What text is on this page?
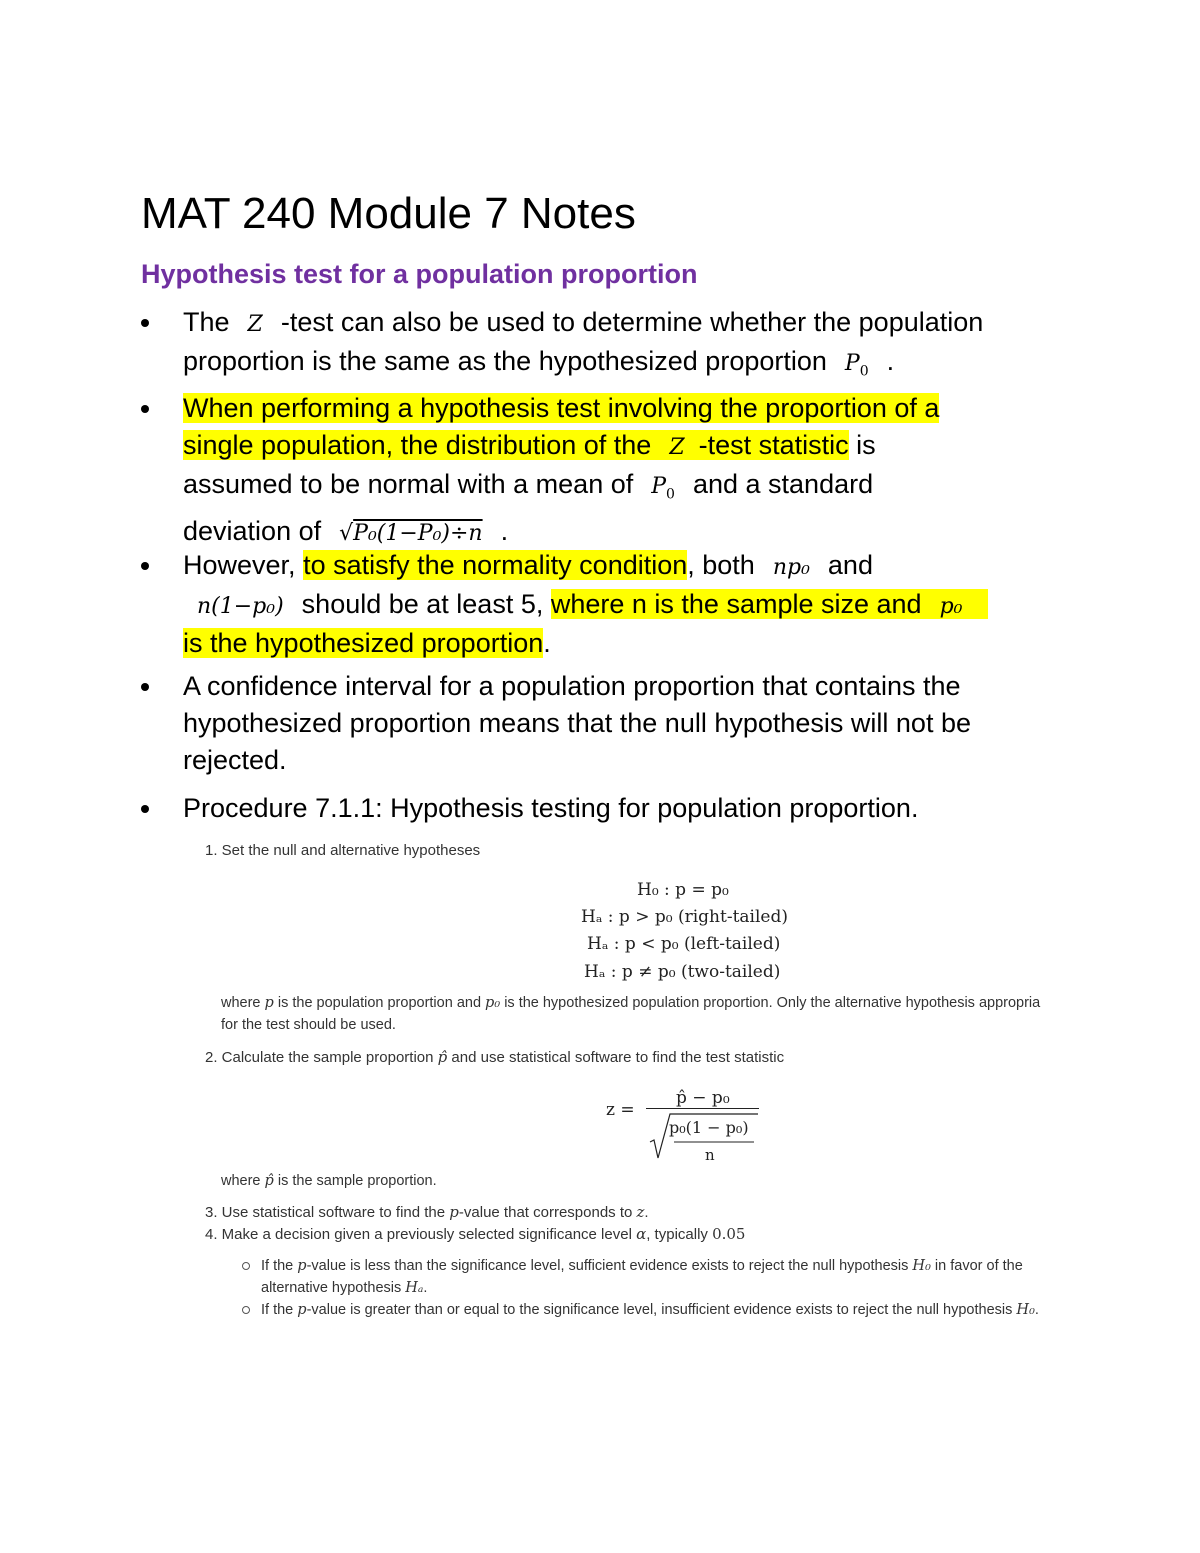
MAT 240 Module 7 Notes
Hypothesis test for a population proportion
The Z -test can also be used to determine whether the population
proportion is the same as the hypothesized proportion $P_0$ .
When performing a hypothesis test involving the proportion of a
single population, the distribution of the Z -test statistic is
assumed to be normal with a mean of $P_0$ and a standard
deviation of √P₀(1−P₀)÷n .
However, to satisfy the normality condition, both np₀ and
n(1−p₀) should be at least 5, where n is the sample size and p₀
is the hypothesized proportion.
A confidence interval for a population proportion that contains the
hypothesized proportion means that the null hypothesis will not be
rejected.
Procedure 7.1.1: Hypothesis testing for population proportion.
1. Set the null and alternative hypotheses
H₀ : p = p₀
Hₐ : p > p₀ (right-tailed)
Hₐ : p < p₀ (left-tailed)
Hₐ : p ≠ p₀ (two-tailed)
where p is the population proportion and p₀ is the hypothesized population proportion. Only the alternative hypothesis appropria
for the test should be used.
2. Calculate the sample proportion p̂ and use statistical software to find the test statistic
z =
p̂ − p₀
p₀(1 − p₀)
n
where p̂ is the sample proportion.
3. Use statistical software to find the p-value that corresponds to z.
4. Make a decision given a previously selected significance level α, typically 0.05
If the p-value is less than the significance level, sufficient evidence exists to reject the null hypothesis H₀ in favor of the
alternative hypothesis Hₐ.
If the p-value is greater than or equal to the significance level, insufficient evidence exists to reject the null hypothesis H₀.
